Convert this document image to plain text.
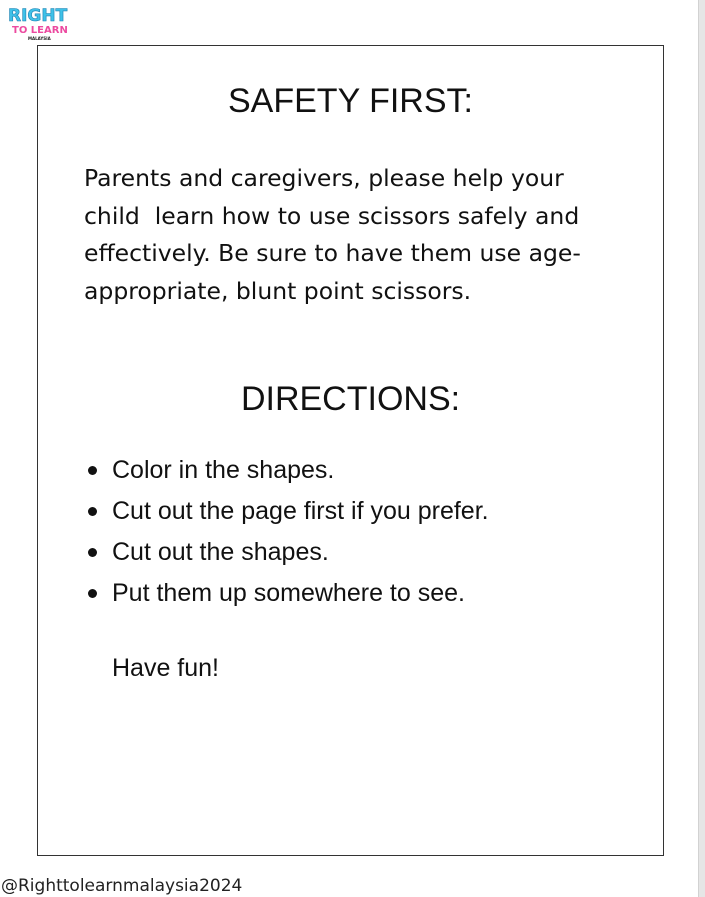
RIGHT
TO LEARN
MALAYSIA
SAFETY FIRST:

Parents and caregivers, please help your
child  learn how to use scissors safely and
effectively. Be sure to have them use age-
appropriate, blunt point scissors.

DIRECTIONS:
Color in the shapes.
Cut out the page first if you prefer.
Cut out the shapes.
Put them up somewhere to see.

Have fun!

@Righttolearnmalaysia2024
